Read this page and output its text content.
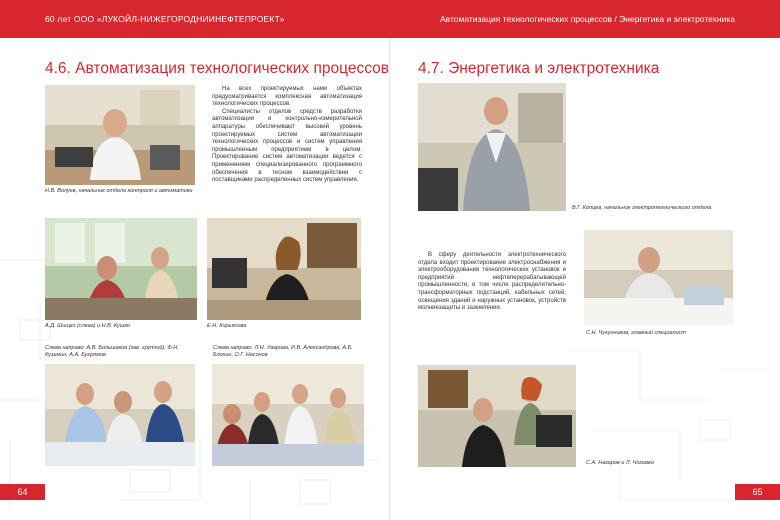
60 лет ООО «ЛУКОЙЛ-НИЖЕГОРОДНИИНЕФТЕПРОЕКТ»	Автоматизация технологических процессов / Энергетика и электротехника
4.6. Автоматизация технологических процессов
Н.В. Волуев, начальник отдела контроля и автоматики

На всех проектируемых нами объектах предусматривается комплексная автоматизация технологических процессов.

Специалисты отделов средств разработки автоматизации и контрольно-измерительной аппаратуры обеспечивают высокий уровень проектируемых систем автоматизации технологических процессов и систем управления промышленным предприятием в целом. Проектирование систем автоматизации ведется с применением специализированного программного обеспечения в тесном взаимодействии с поставщиками распределенных систем управления.

А.Д. Шищко (слева) и Н.В. Кушко	Е.Н. Кирьянова
Слева направо: А.В. Большаков (зав. группой), Ф.Н. Кузьмин, А.А. Бугрямов
Слева направо: Л.Н. Уварова, И.В. Александрова, А.Б. Блохин, О.Г. Насонов
64
4.7. Энергетика и электротехника
В.Г. Копцев, начальник электротехнического отдела

В сферу деятельности электротехнического отдела входит проектирование электроснабжения и электрооборудования технологических установок и предприятий нефтеперерабатывающей промышленности, в том числе распределительно-трансформаторных подстанций, кабельных сетей, освещения зданий и наружных установок, устройств молниезащиты и заземления.

С.Н. Чугунников, главный специалист
С.А. Назаров и Л. Чоговео
65
